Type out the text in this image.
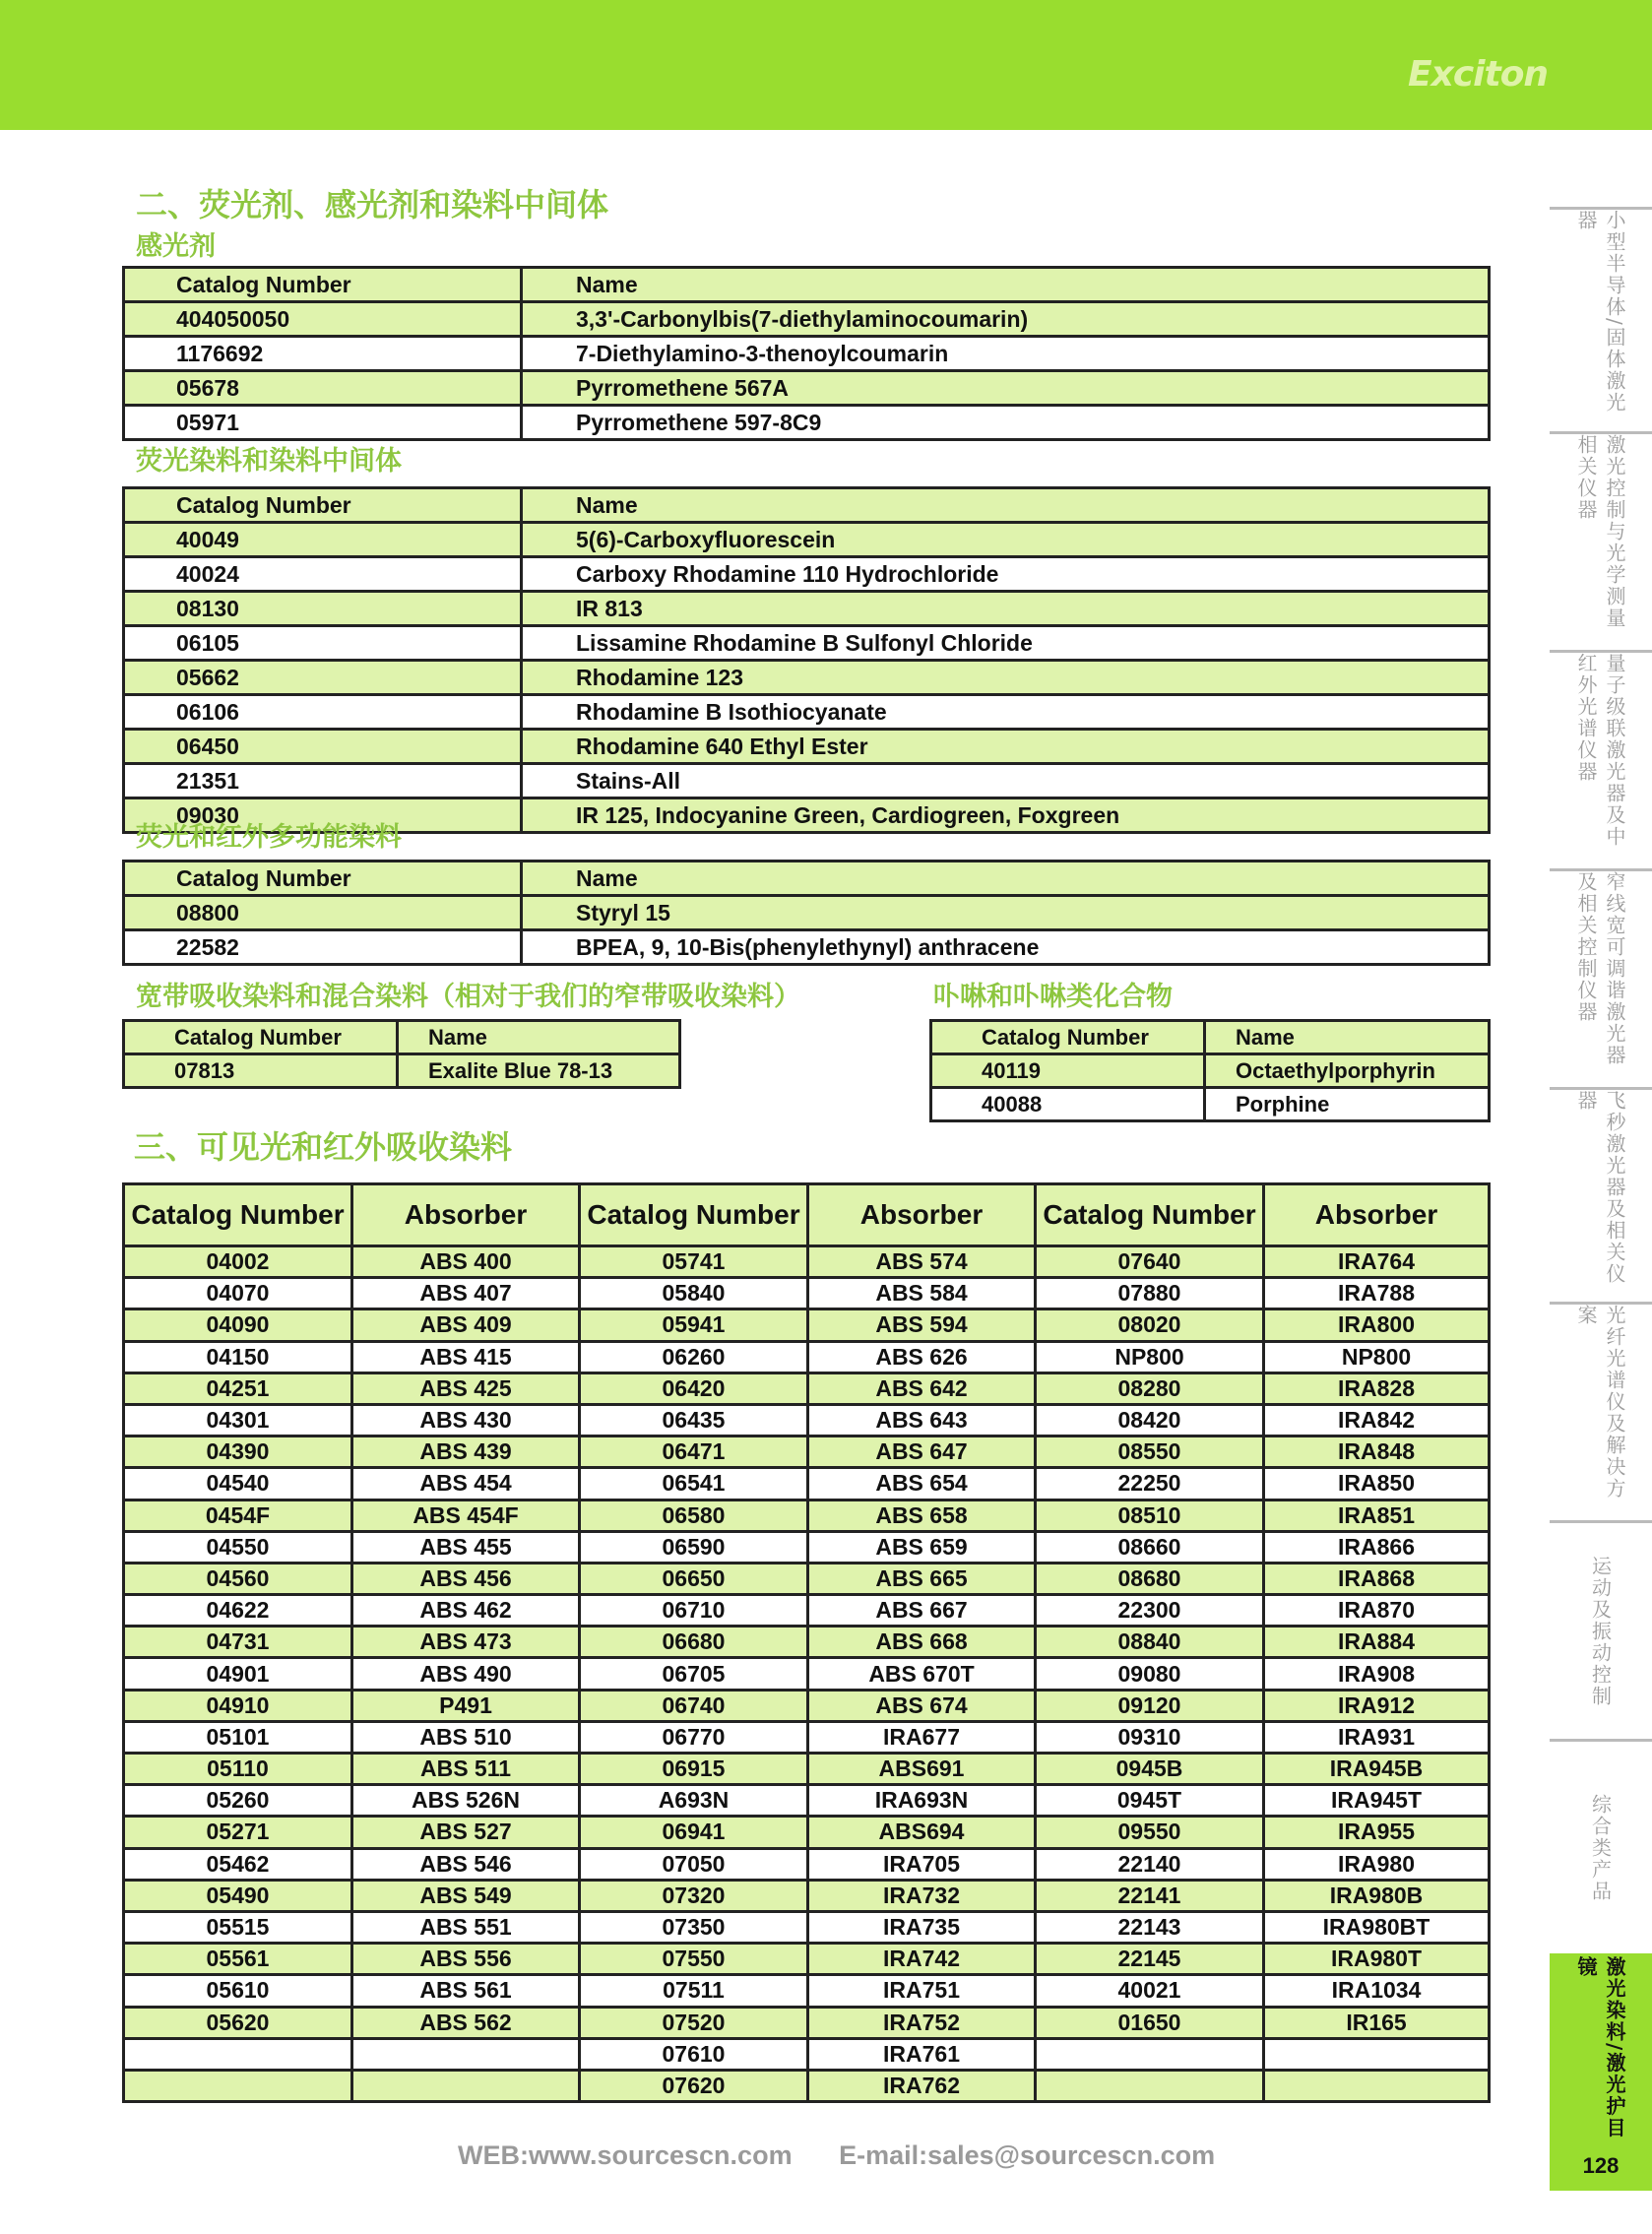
Exciton
二、荧光剂、感光剂和染料中间体
感光剂
Catalog Number	Name
404050050	3,3'-Carbonylbis(7-diethylaminocoumarin)
1176692	7-Diethylamino-3-thenoylcoumarin
05678	Pyrromethene 567A
05971	Pyrromethene 597-8C9
荧光染料和染料中间体
Catalog Number	Name
40049	5(6)-Carboxyfluorescein
40024	Carboxy Rhodamine 110 Hydrochloride
08130	IR 813
06105	Lissamine Rhodamine B Sulfonyl Chloride
05662	Rhodamine 123
06106	Rhodamine B Isothiocyanate
06450	Rhodamine 640 Ethyl Ester
21351	Stains-All
09030	IR 125, Indocyanine Green, Cardiogreen, Foxgreen
荧光和红外多功能染料
Catalog Number	Name
08800	Styryl 15
22582	BPEA, 9, 10-Bis(phenylethynyl) anthracene
宽带吸收染料和混合染料（相对于我们的窄带吸收染料）
Catalog Number	Name
07813	Exalite Blue 78-13
卟啉和卟啉类化合物
Catalog Number	Name
40119	Octaethylporphyrin
40088	Porphine
三、可见光和红外吸收染料
Catalog Number	Absorber	Catalog Number	Absorber	Catalog Number	Absorber
04002	ABS 400	05741	ABS 574	07640	IRA764
04070	ABS 407	05840	ABS 584	07880	IRA788
04090	ABS 409	05941	ABS 594	08020	IRA800
04150	ABS 415	06260	ABS 626	NP800	NP800
04251	ABS 425	06420	ABS 642	08280	IRA828
04301	ABS 430	06435	ABS 643	08420	IRA842
04390	ABS 439	06471	ABS 647	08550	IRA848
04540	ABS 454	06541	ABS 654	22250	IRA850
0454F	ABS 454F	06580	ABS 658	08510	IRA851
04550	ABS 455	06590	ABS 659	08660	IRA866
04560	ABS 456	06650	ABS 665	08680	IRA868
04622	ABS 462	06710	ABS 667	22300	IRA870
04731	ABS 473	06680	ABS 668	08840	IRA884
04901	ABS 490	06705	ABS 670T	09080	IRA908
04910	P491	06740	ABS 674	09120	IRA912
05101	ABS 510	06770	IRA677	09310	IRA931
05110	ABS 511	06915	ABS691	0945B	IRA945B
05260	ABS 526N	A693N	IRA693N	0945T	IRA945T
05271	ABS 527	06941	ABS694	09550	IRA955
05462	ABS 546	07050	IRA705	22140	IRA980
05490	ABS 549	07320	IRA732	22141	IRA980B
05515	ABS 551	07350	IRA735	22143	IRA980BT
05561	ABS 556	07550	IRA742	22145	IRA980T
05610	ABS 561	07511	IRA751	40021	IRA1034
05620	ABS 562	07520	IRA752	01650	IR165
		07610	IRA761		
		07620	IRA762		
小型半导体/固体激光器
激光控制与光学测量相关仪器
量子级联激光器及中红外光谱仪器
窄线宽可调谐激光器及相关控制仪器
飞秒激光器及相关仪器
光纤光谱仪及解决方案
运动及振动控制
综合类产品
激光染料/激光护目镜
128
WEB:www.sourcescn.com E-mail:sales@sourcescn.com
